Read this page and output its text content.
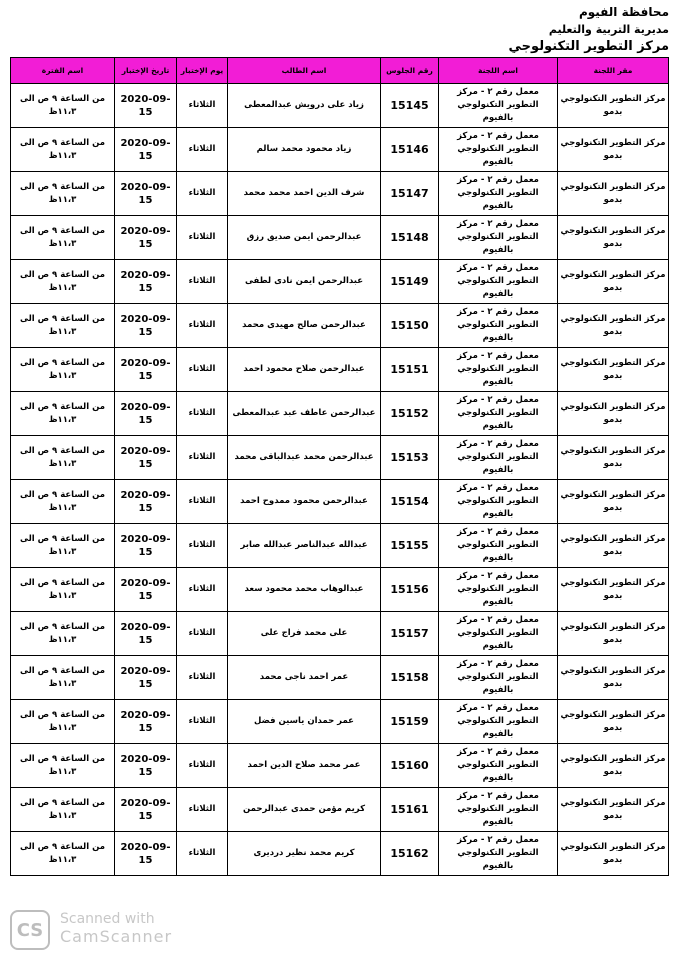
محافظة الفيوم
مديرية التربية والتعليم
مركز التطوير التكنولوجي
مقر اللجنة	اسم اللجنة	رقم الجلوس	اسم الطالب	يوم الإختبار	تاريخ الإختبار	اسم الفترة
مركز التطوير التكنولوجي بدمو	معمل رقم ٢ - مركز التطوير التكنولوجي بالفيوم	15145	زياد على درويش عبدالمعطى	الثلاثاء	2020-09-15	من الساعة ٩ ص الى ١١،٣ظ
مركز التطوير التكنولوجي بدمو	معمل رقم ٢ - مركز التطوير التكنولوجي بالفيوم	15146	زياد محمود محمد سالم	الثلاثاء	2020-09-15	من الساعة ٩ ص الى ١١،٣ظ
مركز التطوير التكنولوجي بدمو	معمل رقم ٢ - مركز التطوير التكنولوجي بالفيوم	15147	شرف الدين احمد محمد محمد	الثلاثاء	2020-09-15	من الساعة ٩ ص الى ١١،٣ظ
مركز التطوير التكنولوجي بدمو	معمل رقم ٢ - مركز التطوير التكنولوجي بالفيوم	15148	عبدالرحمن ايمن صديق رزق	الثلاثاء	2020-09-15	من الساعة ٩ ص الى ١١،٣ظ
مركز التطوير التكنولوجي بدمو	معمل رقم ٢ - مركز التطوير التكنولوجي بالفيوم	15149	عبدالرحمن ايمن نادى لطفى	الثلاثاء	2020-09-15	من الساعة ٩ ص الى ١١،٣ظ
مركز التطوير التكنولوجي بدمو	معمل رقم ٢ - مركز التطوير التكنولوجي بالفيوم	15150	عبدالرحمن صالح مهيدى محمد	الثلاثاء	2020-09-15	من الساعة ٩ ص الى ١١،٣ظ
مركز التطوير التكنولوجي بدمو	معمل رقم ٢ - مركز التطوير التكنولوجي بالفيوم	15151	عبدالرحمن صلاح محمود احمد	الثلاثاء	2020-09-15	من الساعة ٩ ص الى ١١،٣ظ
مركز التطوير التكنولوجي بدمو	معمل رقم ٢ - مركز التطوير التكنولوجي بالفيوم	15152	عبدالرحمن عاطف عبد عبدالمعطى	الثلاثاء	2020-09-15	من الساعة ٩ ص الى ١١،٣ظ
مركز التطوير التكنولوجي بدمو	معمل رقم ٢ - مركز التطوير التكنولوجي بالفيوم	15153	عبدالرحمن محمد عبدالباقى محمد	الثلاثاء	2020-09-15	من الساعة ٩ ص الى ١١،٣ظ
مركز التطوير التكنولوجي بدمو	معمل رقم ٢ - مركز التطوير التكنولوجي بالفيوم	15154	عبدالرحمن محمود ممدوح احمد	الثلاثاء	2020-09-15	من الساعة ٩ ص الى ١١،٣ظ
مركز التطوير التكنولوجي بدمو	معمل رقم ٢ - مركز التطوير التكنولوجي بالفيوم	15155	عبدالله عبدالناصر عبدالله صابر	الثلاثاء	2020-09-15	من الساعة ٩ ص الى ١١،٣ظ
مركز التطوير التكنولوجي بدمو	معمل رقم ٢ - مركز التطوير التكنولوجي بالفيوم	15156	عبدالوهاب محمد محمود سعد	الثلاثاء	2020-09-15	من الساعة ٩ ص الى ١١،٣ظ
مركز التطوير التكنولوجي بدمو	معمل رقم ٢ - مركز التطوير التكنولوجي بالفيوم	15157	على محمد فراج على	الثلاثاء	2020-09-15	من الساعة ٩ ص الى ١١،٣ظ
مركز التطوير التكنولوجي بدمو	معمل رقم ٢ - مركز التطوير التكنولوجي بالفيوم	15158	عمر احمد ناجى محمد	الثلاثاء	2020-09-15	من الساعة ٩ ص الى ١١،٣ظ
مركز التطوير التكنولوجي بدمو	معمل رقم ٢ - مركز التطوير التكنولوجي بالفيوم	15159	عمر حمدان ياسين فضل	الثلاثاء	2020-09-15	من الساعة ٩ ص الى ١١،٣ظ
مركز التطوير التكنولوجي بدمو	معمل رقم ٢ - مركز التطوير التكنولوجي بالفيوم	15160	عمر محمد صلاح الدين احمد	الثلاثاء	2020-09-15	من الساعة ٩ ص الى ١١،٣ظ
مركز التطوير التكنولوجي بدمو	معمل رقم ٢ - مركز التطوير التكنولوجي بالفيوم	15161	كريم مؤمن حمدى عبدالرحمن	الثلاثاء	2020-09-15	من الساعة ٩ ص الى ١١،٣ظ
مركز التطوير التكنولوجي بدمو	معمل رقم ٢ - مركز التطوير التكنولوجي بالفيوم	15162	كريم محمد نظير درديرى	الثلاثاء	2020-09-15	من الساعة ٩ ص الى ١١،٣ظ
CS
Scanned with
CamScanner
